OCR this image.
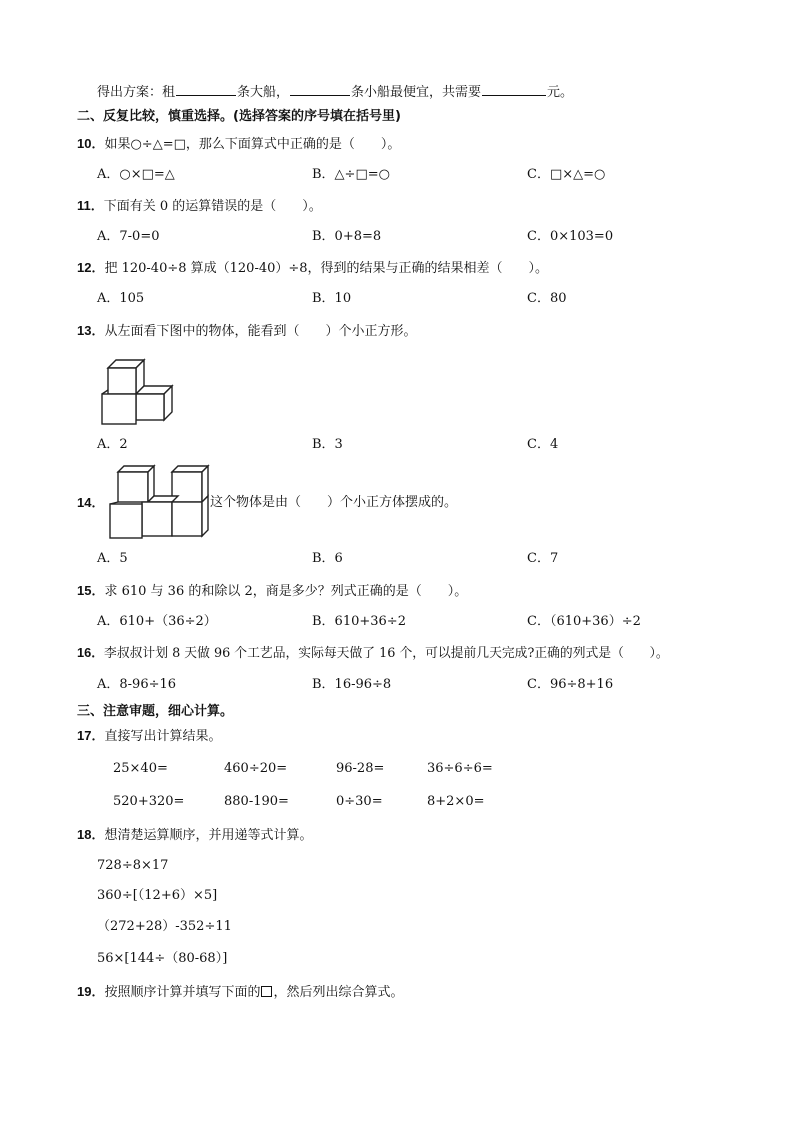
得出方案：租	条大船，	条小船最便宜，共需要	元。
二、反复比较，慎重选择。(选择答案的序号填在括号里)
10．如果○÷△=□，那么下面算式中正确的是（　　）。
A．○×□=△	B．△÷□=○	C．□×△=○
11．下面有关 0 的运算错误的是（　　）。
A．7-0=0	B．0+8=8	C．0×103=0
12．把 120-40÷8 算成（120-40）÷8，得到的结果与正确的结果相差（　　）。
A．105	B．10	C．80
13．从左面看下图中的物体，能看到（　　）个小正方形。
A．2	B．3	C．4
14．	这个物体是由（　　）个小正方体摆成的。
A．5	B．6	C．7
15．求 610 与 36 的和除以 2，商是多少？列式正确的是（　　）。
A．610+（36÷2）	B．610+36÷2	C．（610+36）÷2
16．李叔叔计划 8 天做 96 个工艺品，实际每天做了 16 个，可以提前几天完成?正确的列式是（　　）。
A．8-96÷16	B．16-96÷8	C．96÷8+16
三、注意审题，细心计算。
17．直接写出计算结果。
25×40=	460÷20=	96-28=	36÷6÷6=
520+320=	880-190=	0÷30=	8+2×0=
18．想清楚运算顺序，并用递等式计算。
728÷8×17
360÷[（12+6）×5]
（272+28）-352÷11
56×[144÷（80-68）]
19．按照顺序计算并填写下面的 ，然后列出综合算式。
